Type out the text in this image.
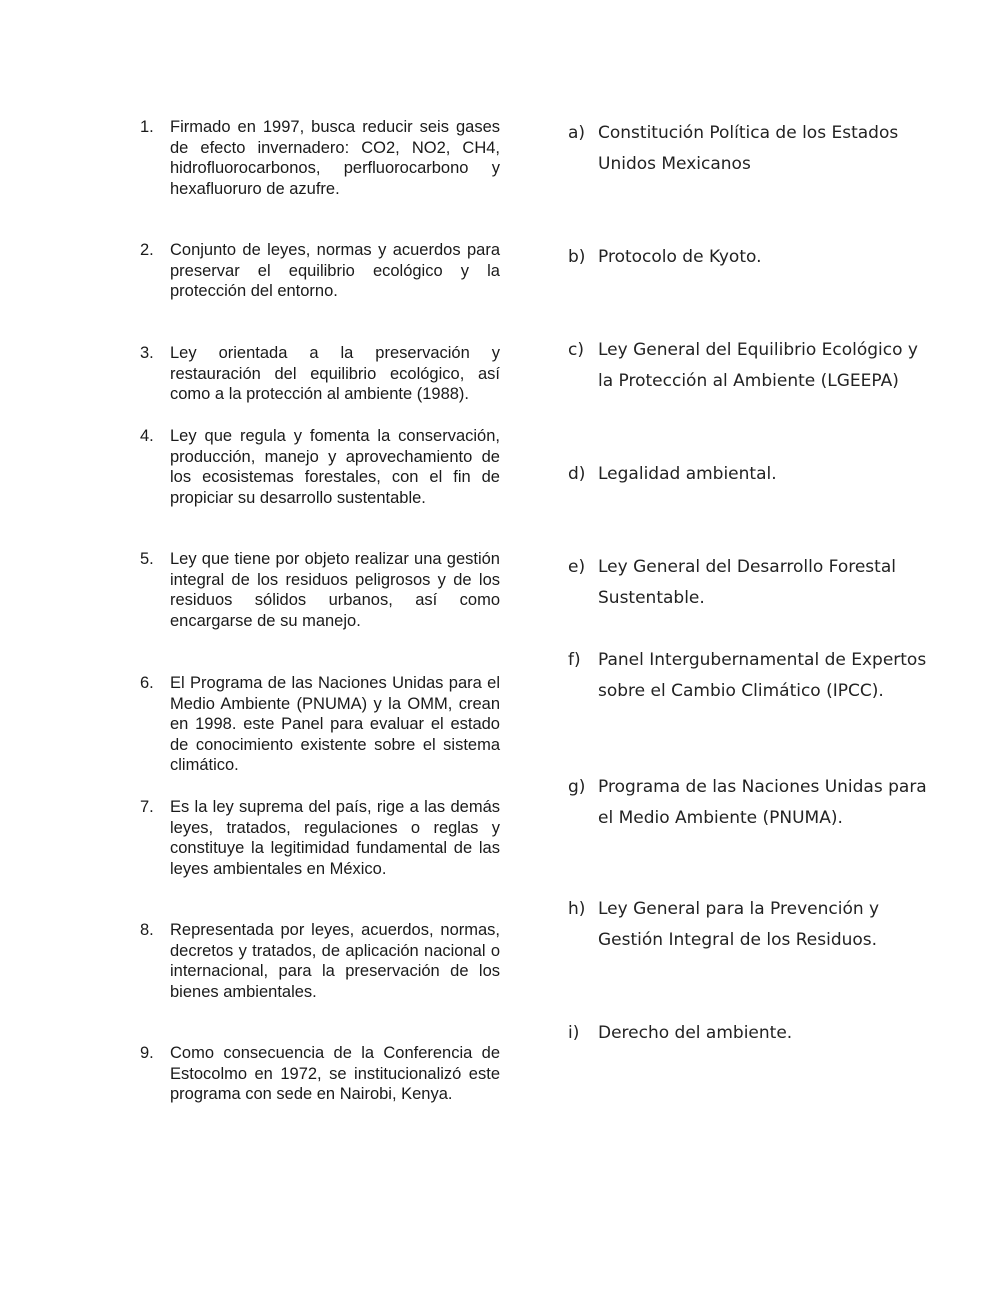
1. Firmado en 1997, busca reducir seis gases de efecto invernadero: CO2, NO2, CH4, hidrofluorocarbonos, perfluorocarbono y hexafluoruro de azufre.
2. Conjunto de leyes, normas y acuerdos para preservar el equilibrio ecológico y la protección del entorno.
3. Ley orientada a la preservación y restauración del equilibrio ecológico, así como a la protección al ambiente (1988).
4. Ley que regula y fomenta la conservación, producción, manejo y aprovechamiento de los ecosistemas forestales, con el fin de propiciar su desarrollo sustentable.
5. Ley que tiene por objeto realizar una gestión integral de los residuos peligrosos y de los residuos sólidos urbanos, así como encargarse de su manejo.
6. El Programa de las Naciones Unidas para el Medio Ambiente (PNUMA) y la OMM, crean en 1998. este Panel para evaluar el estado de conocimiento existente sobre el sistema climático.
7. Es la ley suprema del país, rige a las demás leyes, tratados, regulaciones o reglas y constituye la legitimidad fundamental de las leyes ambientales en México.
8. Representada por leyes, acuerdos, normas, decretos y tratados, de aplicación nacional o internacional, para la preservación de los bienes ambientales.
9. Como consecuencia de la Conferencia de Estocolmo en 1972, se institucionalizó este programa con sede en Nairobi, Kenya.
a) Constitución Política de los Estados Unidos Mexicanos
b) Protocolo de Kyoto.
c) Ley General del Equilibrio Ecológico y la Protección al Ambiente (LGEEPA)
d) Legalidad ambiental.
e) Ley General del Desarrollo Forestal Sustentable.
f)	Panel Intergubernamental de Expertos sobre el Cambio Climático (IPCC).
g) Programa de las Naciones Unidas para el Medio Ambiente (PNUMA).
h) Ley General para la Prevención y Gestión Integral de los Residuos.
i)	Derecho del ambiente.
